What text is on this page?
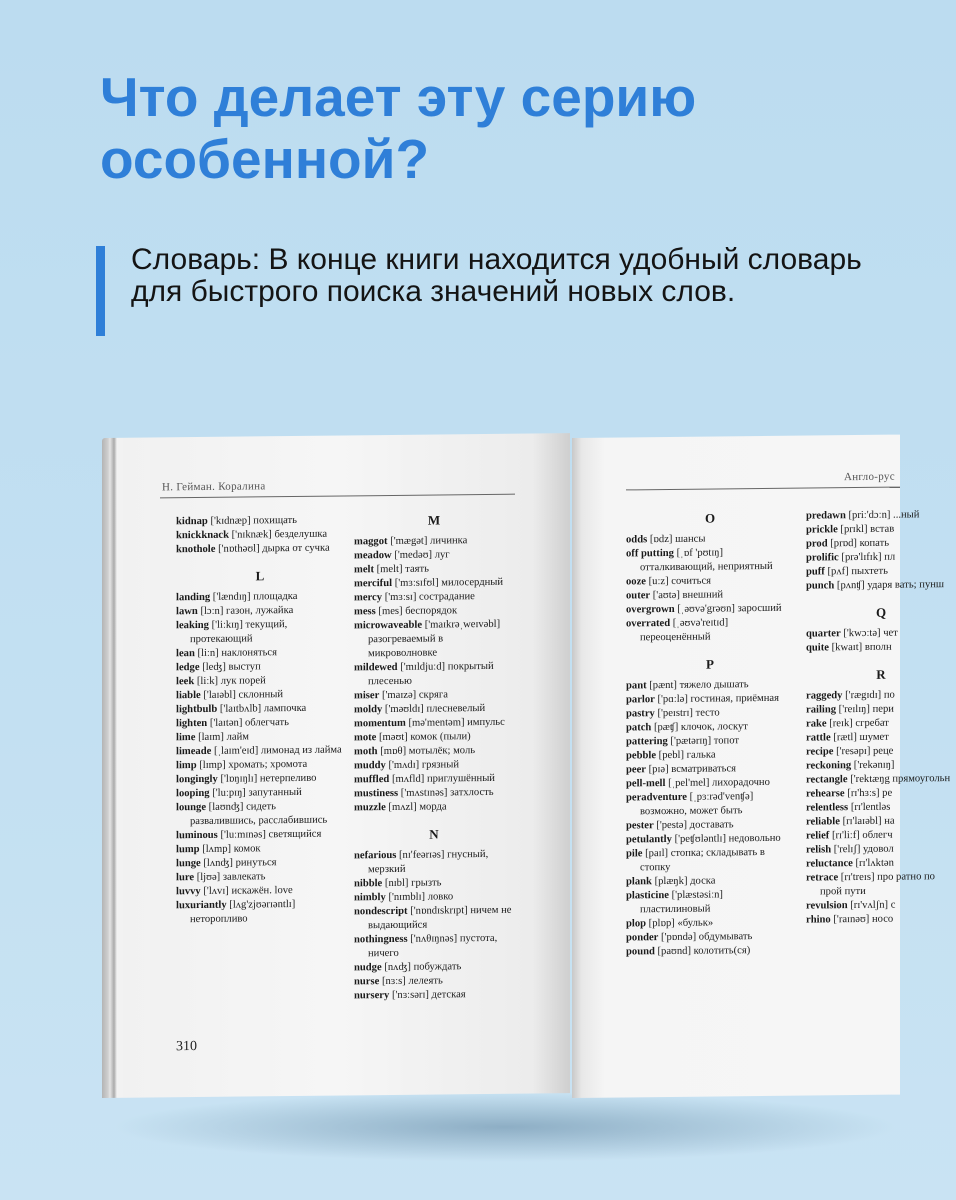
Что делает эту серию особенной?

Словарь: В конце книги находится удобный словарь для быстрого поиска значений новых слов.

Н. Гейман. Коралина

kidnap ['kɪdnæp] похищать

knickknack ['nɪknæk] безделушка

knothole ['nɒthəʊl] дырка от сучка

L

landing ['lændɪŋ] площадка

lawn [lɔːn] газон, лужайка

leaking ['liːkɪŋ] текущий, протекающий

lean [liːn] наклоняться

ledge [leʤ] выступ

leek [liːk] лук порей

liable ['laɪəbl] склонный

lightbulb ['laɪtbʌlb] лампочка

lighten ['laɪtən] облегчать

lime [laɪm] лайм

limeade [ˌlaɪm'eɪd] лимонад из лайма

limp [lɪmp] хромать; хромота

longingly ['lɒŋɪŋlɪ] нетерпеливо

looping ['luːpɪŋ] запутанный

lounge [laʊnʤ] сидеть развалившись, расслабившись

luminous ['luːmɪnəs] светящийся

lump [lʌmp] комок

lunge [lʌnʤ] ринуться

lure [ljʊə] завлекать

luvvy ['lʌvɪ] искажён. love

luxuriantly [lʌg'zjʊərɪəntlɪ] неторопливо

M

maggot ['mægət] личинка

meadow ['medəʊ] луг

melt [melt] таять

merciful ['mɜːsɪfʊl] милосердный

mercy ['mɜːsɪ] сострадание

mess [mes] беспорядок

microwaveable ['maɪkrəˌweɪvəbl] разогреваемый в микроволновке

mildewed ['mɪldjuːd] покрытый плесенью

miser ['maɪzə] скряга

moldy ['məʊldɪ] плесневелый

momentum [mə'mentəm] импульс

mote [məʊt] комок (пыли)

moth [mɒθ] мотылёк; моль

muddy ['mʌdɪ] грязный

muffled [mʌfld] приглушённый

mustiness ['mʌstɪnəs] затхлость

muzzle [mʌzl] морда

N

nefarious [nɪ'feərɪəs] гнусный, мерзкий

nibble [nɪbl] грызть

nimbly ['nɪmblɪ] ловко

nondescript ['nɒndɪskrɪpt] ничем не выдающийся

nothingness ['nʌθɪŋnəs] пустота, ничего

nudge [nʌʤ] побуждать

nurse [nɜːs] лелеять

nursery ['nɜːsərɪ] детская

310
Англо-рус
O

odds [ɒdz] шансы

off putting [ˌɒf 'pʊtɪŋ] отталкивающий, неприятный

ooze [uːz] сочиться

outer ['aʊtə] внешний

overgrown [ˌəʊvə'grəʊn] заросший

overrated [ˌəʊvə'reɪtɪd] переоценённый

P

pant [pænt] тяжело дышать

parlor ['pɑːlə] гостиная, приёмная

pastry ['peɪstrɪ] тесто

patch [pæʧ] клочок, лоскут

pattering ['pætərɪŋ] топот

pebble [pebl] галька

peer [pɪə] всматриваться

pell-mell [ˌpel'mel] лихорадочно

peradventure [ˌpɜːrəd'venʧə] возможно, может быть

pester ['pestə] доставать

petulantly ['peʧʊləntlɪ] недовольно

pile [paɪl] стопка; складывать в стопку

plank [plæŋk] доска

plasticine ['plæstəsiːn] пластилиновый

plop [plɒp] «бульк»

ponder ['pɒndə] обдумывать

pound [paʊnd] колотить(ся)

predawn [priː'dɔːn] ...ный

prickle [prɪkl] встав

prod [prɒd] копать

prolific [prə'lɪfɪk] пл

puff [pʌf] пыхтеть

punch [pʌnʧ] ударя вать; пунш

Q

quarter ['kwɔːtə] чет

quite [kwaɪt] вполн

R

raggedy ['rægɪdɪ] по

railing ['reɪlɪŋ] пери

rake [reɪk] сгребат

rattle [rætl] шумет

recipe ['resəpɪ] реце

reckoning ['rekənɪŋ]

rectangle ['rektæŋg прямоугольн

rehearse [rɪ'hɜːs] ре

relentless [rɪ'lentləs

reliable [rɪ'laɪəbl] на

relief [rɪ'liːf] облегч

relish ['relɪʃ] удовол

reluctance [rɪ'lʌktən

retrace [rɪ'treɪs] про ратно по прой пути

revulsion [rɪ'vʌlʃn] с

rhino ['raɪnəʊ] носо
